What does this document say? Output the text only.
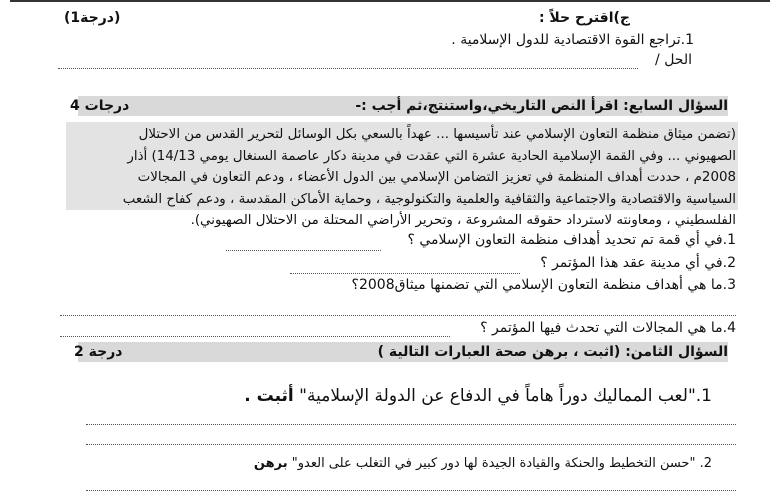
ج)اقترح حلاً :
(1درجة)
1.تراجع القوة الاقتصادية للدول الإسلامية .
الحل /
السؤال السابع: اقرأ النص التاريخي،واستنتج،ثم أجب :-
4 درجات
(تضمن ميثاق منظمة التعاون الإسلامي عند تأسيسها ... عهداً بالسعي بكل الوسائل لتحرير القدس من الاحتلال
الصهيوني ... وفي القمة الإسلامية الحادية عشرة التي عقدت في مدينة دكار عاصمة السنغال يومي 14/13) أذار
2008م ، حددت أهداف المنظمة في تعزيز التضامن الإسلامي بين الدول الأعضاء ، ودعم التعاون في المجالات
السياسية والاقتصادية والاجتماعية والثقافية والعلمية والتكنولوجية ، وحماية الأماكن المقدسة ، ودعم كفاح الشعب
الفلسطيني ، ومعاونته لاسترداد حقوقه المشروعة ، وتحرير الأراضي المحتلة من الاحتلال الصهيوني).
1.في أي قمة تم تحديد أهداف منظمة التعاون الإسلامي ؟
2.في أي مدينة عقد هذا المؤتمر ؟
3.ما هي أهداف منظمة التعاون الإسلامي التي تضمنها ميثاق2008؟
4.ما هي المجالات التي تحدث فيها المؤتمر ؟
السؤال الثامن: (اثبت ، برهن صحة العبارات التالية )
2 درجة
1."لعب المماليك دوراً هاماً في الدفاع عن الدولة الإسلامية" أثبت .
2. "حسن التخطيط والحنكة والقيادة الجيدة لها دور كبير في التغلب على العدو" برهن
